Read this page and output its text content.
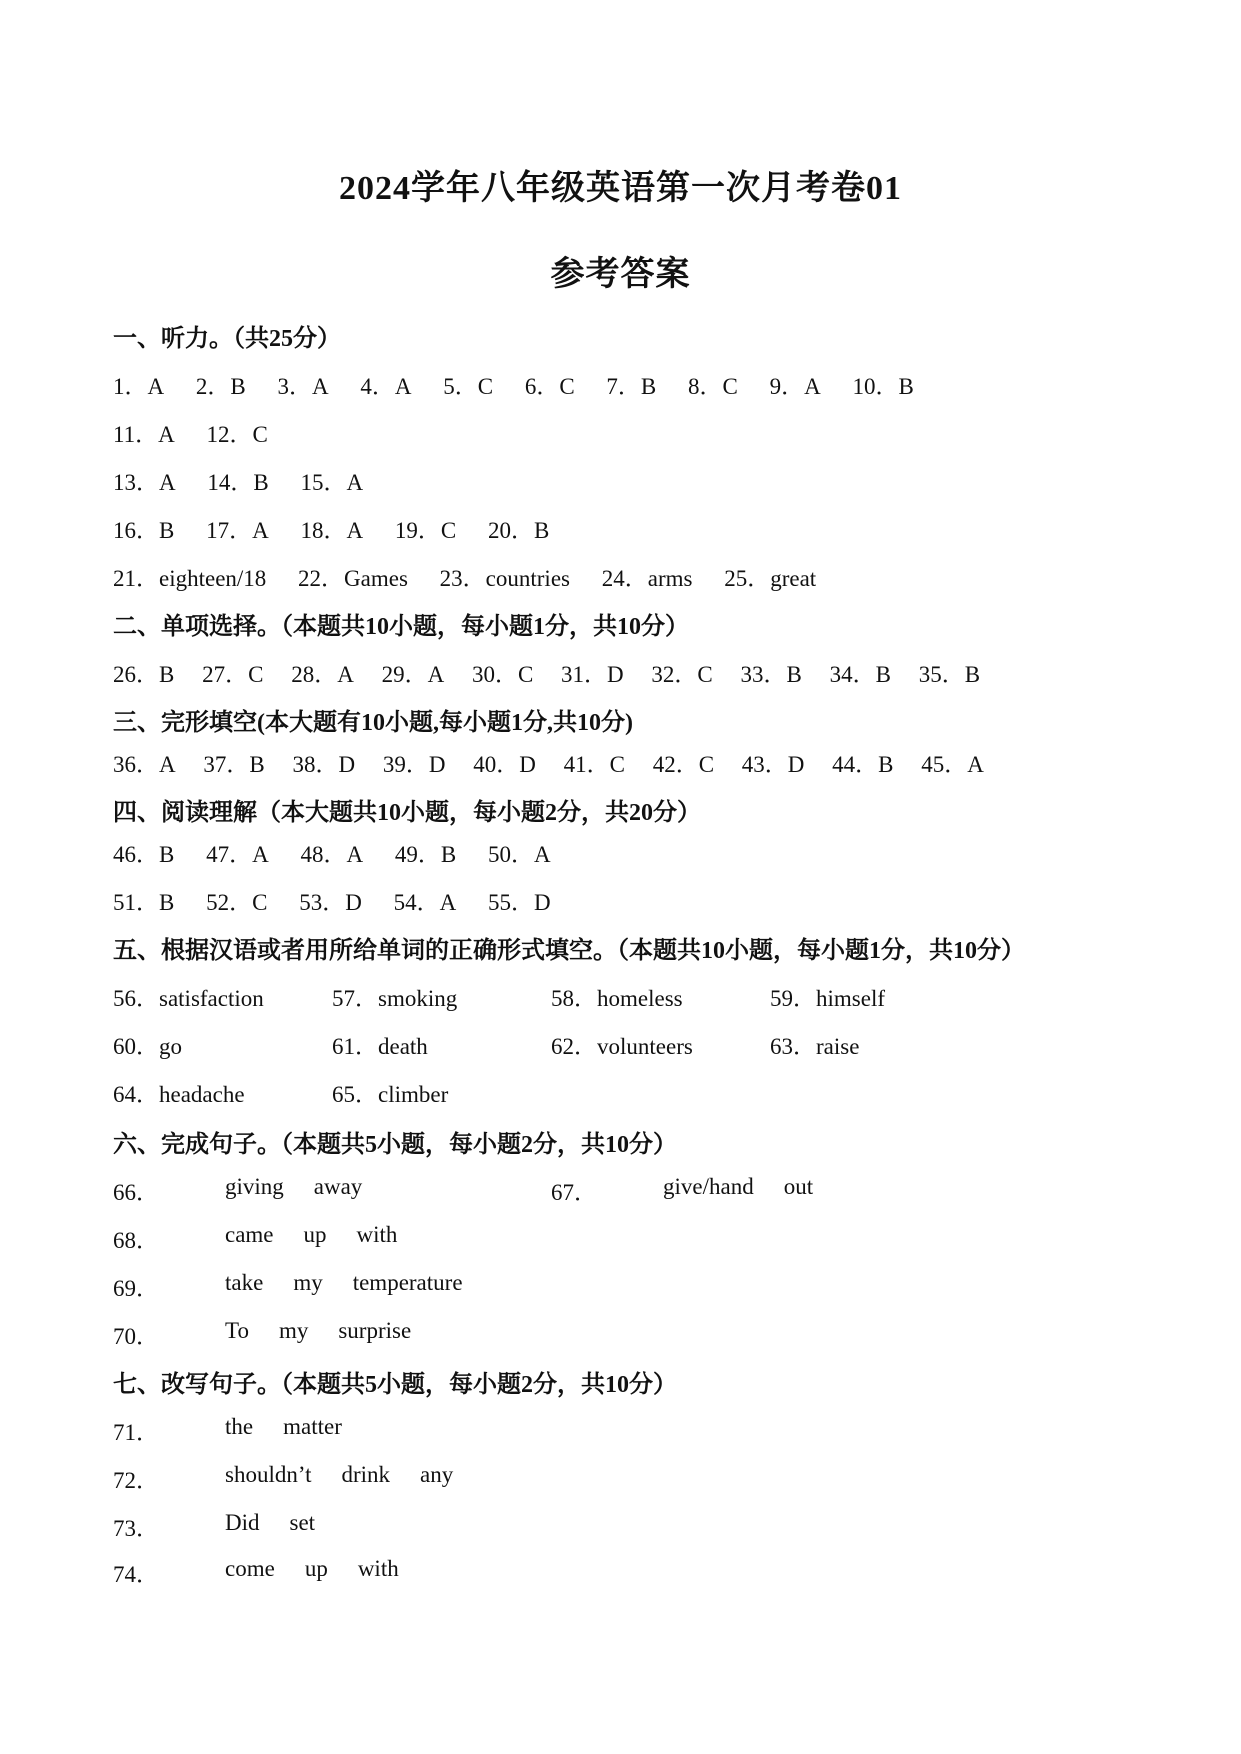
2024学年八年级英语第一次月考卷01
参考答案
一、听力。（共25分）
1．A 2．B 3．A 4．A 5．C 6．C 7．B 8．C 9．A 10．B
11．A 12．C
13．A 14．B 15．A
16．B 17．A 18．A 19．C 20．B
21．eighteen/18 22．Games 23．countries 24．arms 25．great
二、单项选择。（本题共10小题，每小题1分，共10分）
26．B 27．C 28．A 29．A 30．C 31．D 32．C 33．B 34．B 35．B
三、完形填空(本大题有10小题,每小题1分,共10分)
36．A 37．B 38．D 39．D 40．D 41．C 42．C 43．D 44．B 45．A
四、阅读理解（本大题共10小题，每小题2分，共20分）
46．B 47．A 48．A 49．B 50．A
51．B 52．C 53．D 54．A 55．D
五、根据汉语或者用所给单词的正确形式填空。（本题共10小题，每小题1分，共10分）
56．satisfaction	57．smoking	58．homeless	59．himself
60．go	61．death	62．volunteers	63．raise
64．headache	65．climber
六、完成句子。（本题共5小题，每小题2分，共10分）
66．	giving away	67．	give/hand out
68．	came up with
69．	take my temperature
70．	To my surprise
七、改写句子。（本题共5小题，每小题2分，共10分）
71．	the matter
72．	shouldn’t drink any
73．	Did set
74．	come up with
